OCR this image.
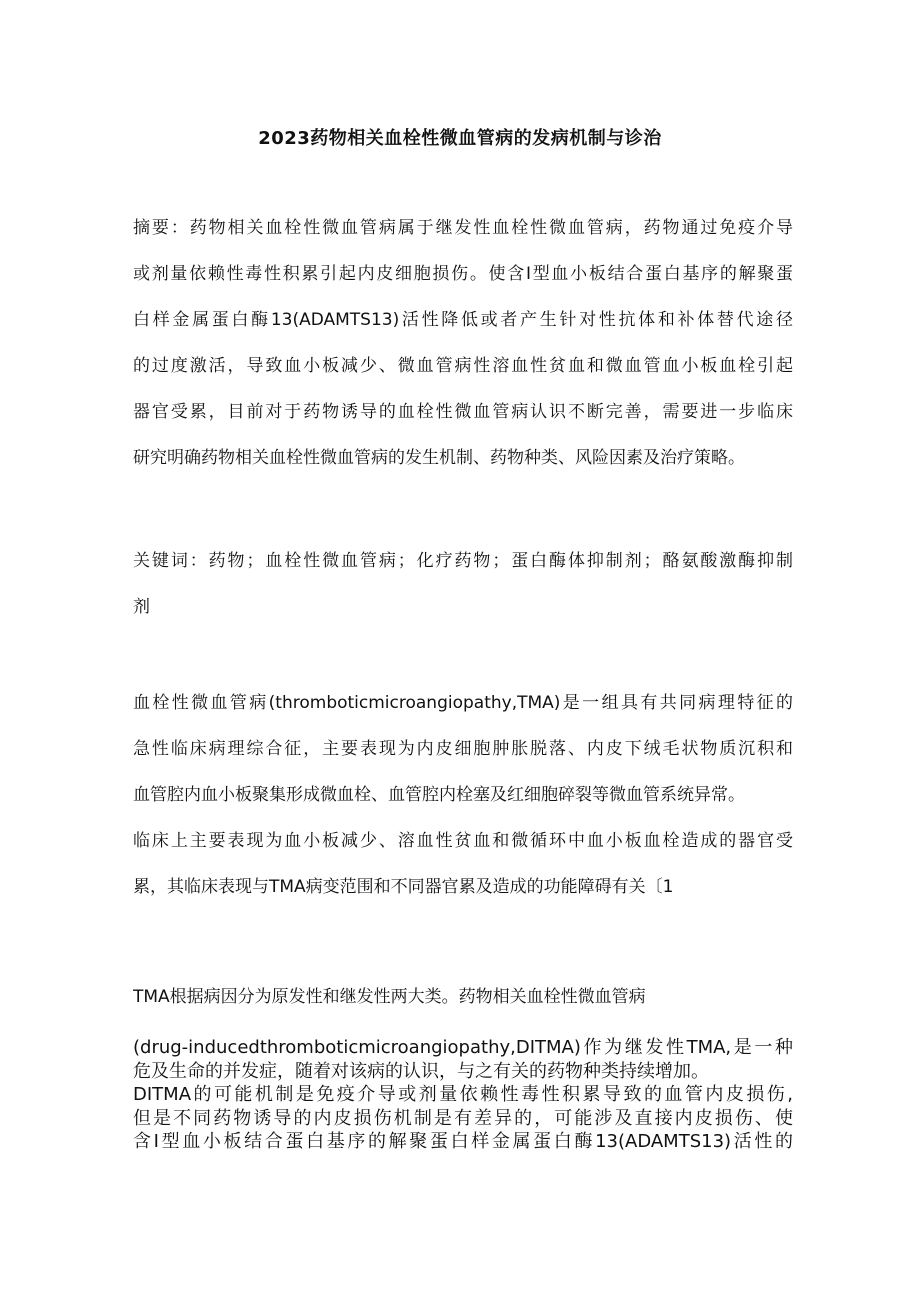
2023药物相关血栓性微血管病的发病机制与诊治
摘要：药物相关血栓性微血管病属于继发性血栓性微血管病，药物通过免疫介导
或剂量依赖性毒性积累引起内皮细胞损伤。使含Ⅰ型血小板结合蛋白基序的解聚蛋
白样金属蛋白酶13(ADAMTS13)活性降低或者产生针对性抗体和补体替代途径
的过度激活，导致血小板减少、微血管病性溶血性贫血和微血管血小板血栓引起
器官受累，目前对于药物诱导的血栓性微血管病认识不断完善，需要进一步临床
研究明确药物相关血栓性微血管病的发生机制、药物种类、风险因素及治疗策略。
关键词：药物；血栓性微血管病；化疗药物；蛋白酶体抑制剂；酪氨酸激酶抑制
剂
血栓性微血管病(thromboticmicroangiopathy,TMA)是一组具有共同病理特征的
急性临床病理综合征，主要表现为内皮细胞肿胀脱落、内皮下绒毛状物质沉积和
血管腔内血小板聚集形成微血栓、血管腔内栓塞及红细胞碎裂等微血管系统异常。
临床上主要表现为血小板减少、溶血性贫血和微循环中血小板血栓造成的器官受
累，其临床表现与TMA病变范围和不同器官累及造成的功能障碍有关〔1
TMA根据病因分为原发性和继发性两大类。药物相关血栓性微血管病
(drug-inducedthromboticmicroangiopathy,DITMA)作为继发性TMA,是一种
危及生命的并发症，随着对该病的认识，与之有关的药物种类持续增加。
DITMA的可能机制是免疫介导或剂量依赖性毒性积累导致的血管内皮损伤,
但是不同药物诱导的内皮损伤机制是有差异的，可能涉及直接内皮损伤、使
含Ⅰ型血小板结合蛋白基序的解聚蛋白样金属蛋白酶13(ADAMTS13)活性的
